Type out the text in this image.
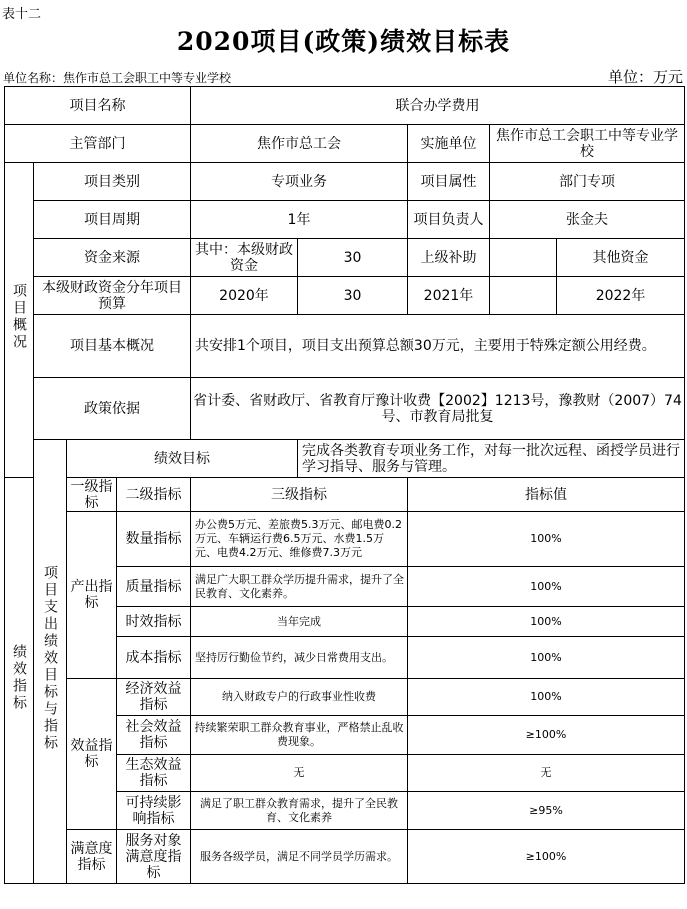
表十二
2020项目(政策)绩效目标表
单位名称：焦作市总工会职工中等专业学校	单位：万元
项目名称				联合办学费用					
主管部门				焦作市总工会		实施单位	焦作市总工会职工中等专业学校		
项目概况	项目类别			专项业务		项目属性	部门专项		
	项目周期			1年		项目负责人	张金夫		
	资金来源			其中：本级财政资金	30	上级补助		其他资金	
	本级财政资金分年项目预算			2020年	30	2021年		2022年	
	项目基本概况			共安排1个项目，项目支出预算总额30万元，主要用于特殊定额公用经费。					
	政策依据			省计委、省财政厅、省教育厅豫计收费【2002】1213号，豫教财（2007）74号、市教育局批复					
	项目支出绩效目标与指标	绩效目标			完成各类教育专项业务工作，对每一批次远程、函授学员进行学习指导、服务与管理。				
绩效指标		一级指标	二级指标	三级指标		指标值			
		产出指标	数量指标	办公费5万元、差旅费5.3万元、邮电费0.2万元、车辆运行费6.5万元、水费1.5万元、电费4.2万元、维修费7.3万元		100%			
			质量指标	满足广大职工群众学历提升需求，提升了全民教育、文化素养。		100%			
			时效指标	当年完成		100%			
			成本指标	坚持厉行勤俭节约，减少日常费用支出。		100%			
		效益指标	经济效益指标	纳入财政专户的行政事业性收费		100%			
			社会效益指标	持续繁荣职工群众教育事业，严格禁止乱收费现象。		≥100%			
			生态效益指标	无		无			
			可持续影响指标	满足了职工群众教育需求，提升了全民教育、文化素养		≥95%			
		满意度指标	服务对象满意度指标	服务各级学员，满足不同学员学历需求。		≥100%			
